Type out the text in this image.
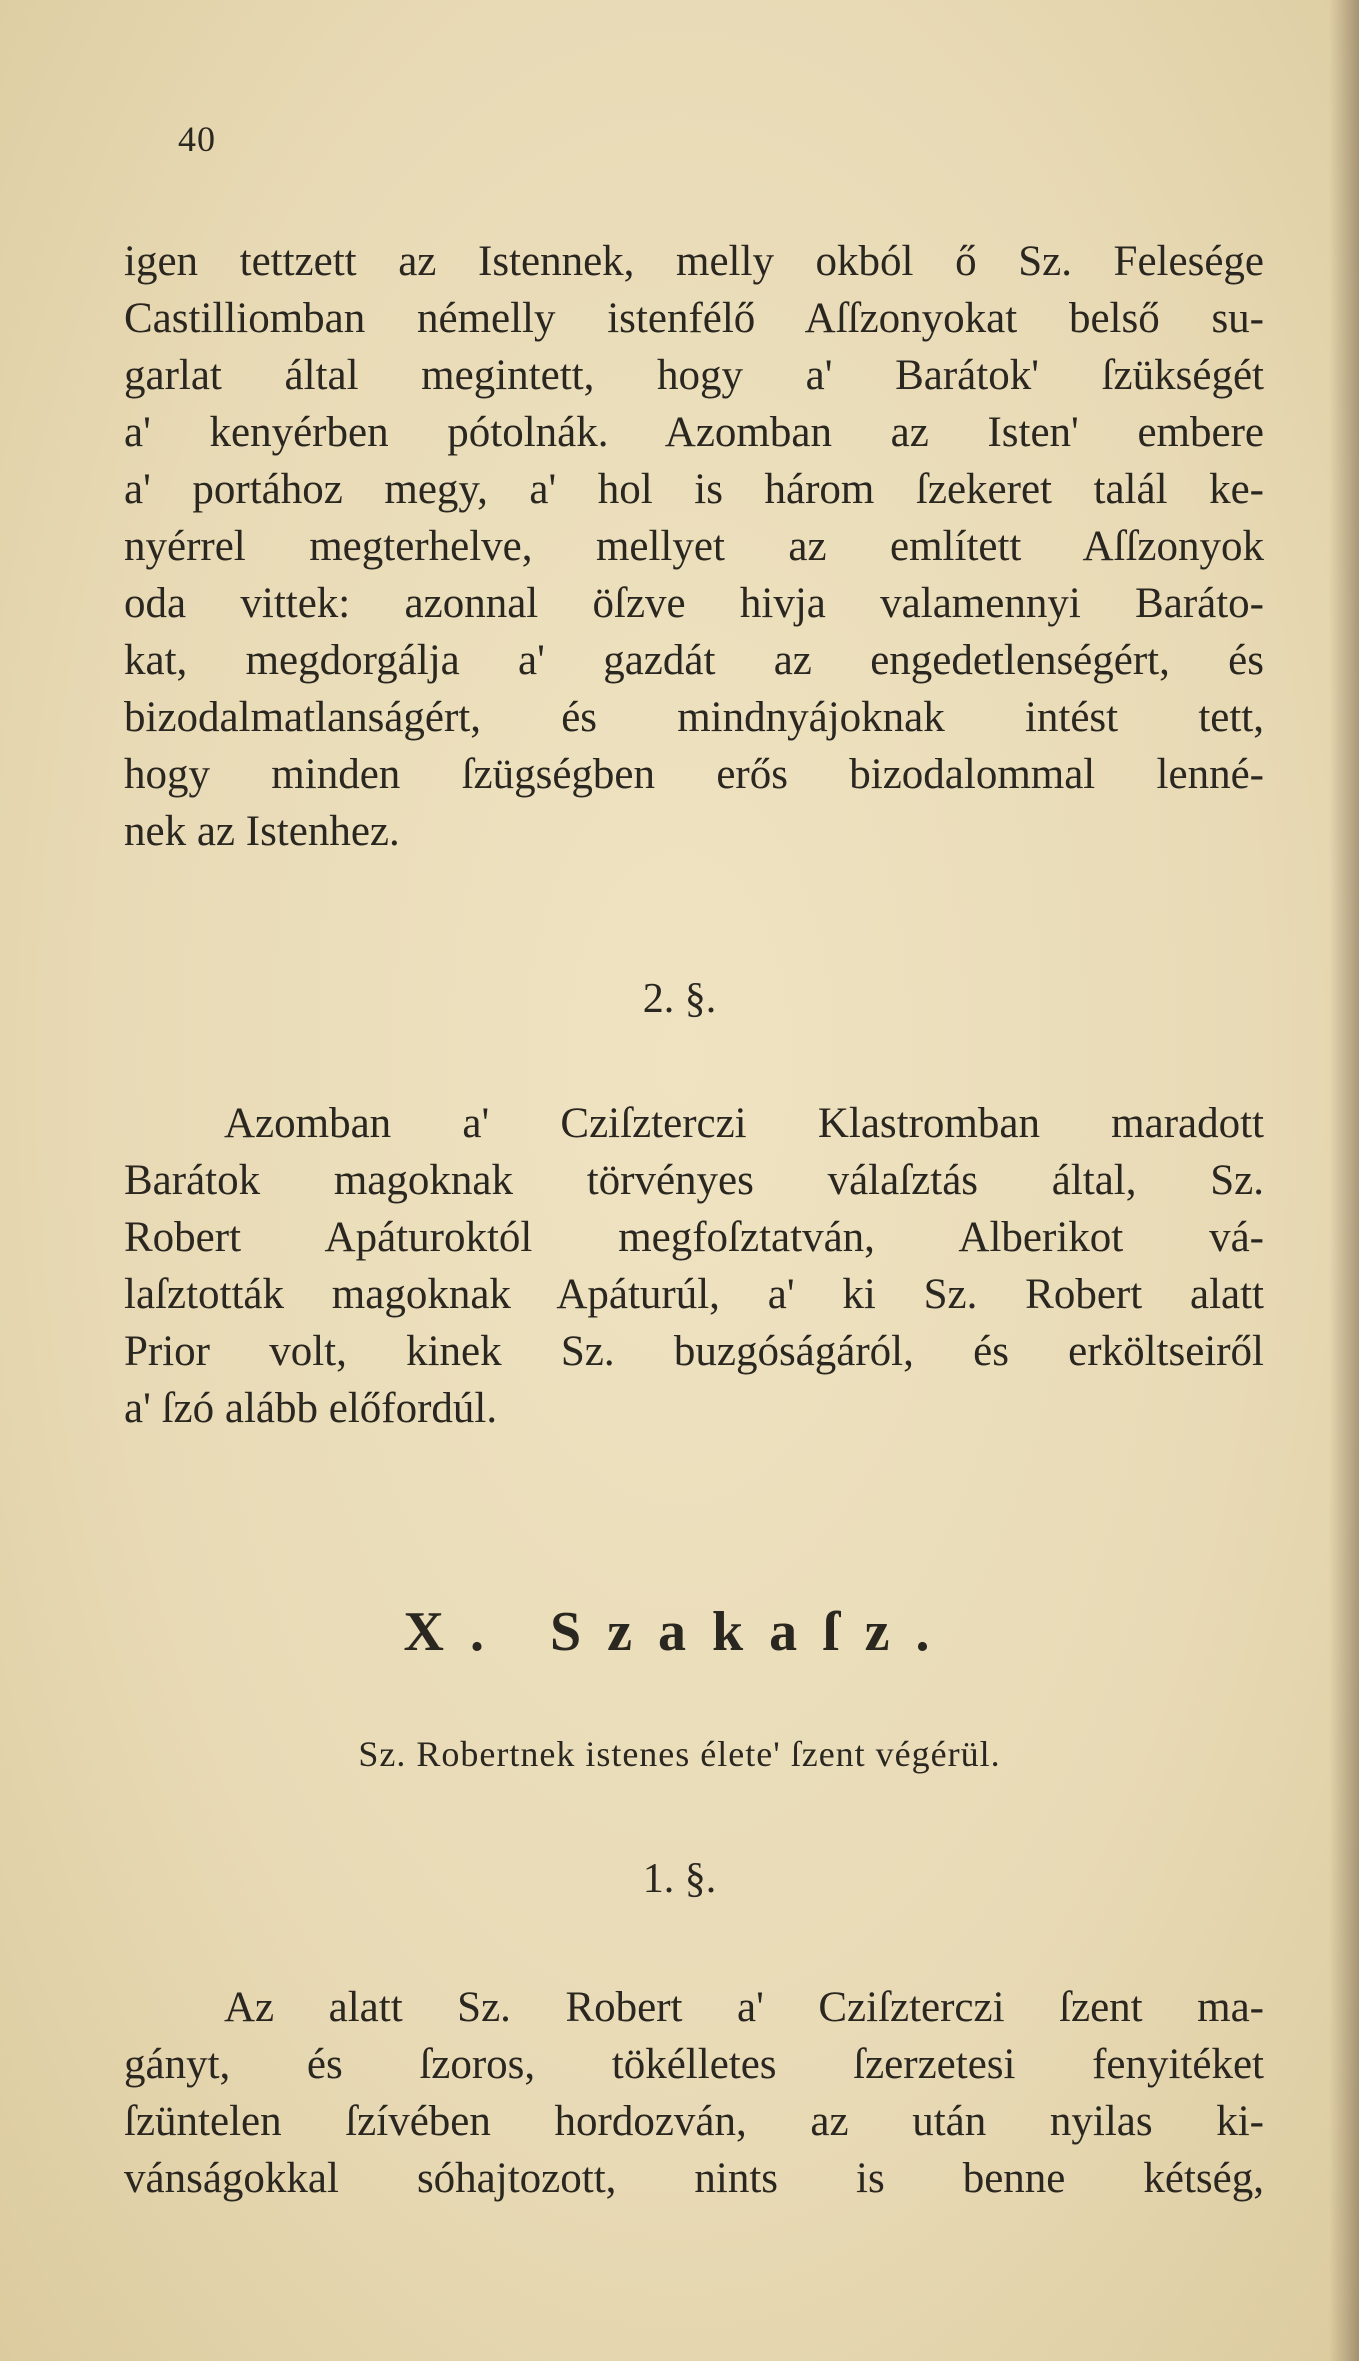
40
igen tettzett az Istennek, melly okból ő Sz. Felesége
Castilliomban némelly istenfélő Aſſzonyokat belső su-
garlat által megintett, hogy a' Barátok' ſzükségét
a' kenyérben pótolnák. Azomban az Isten' embere
a' portához megy, a' hol is három ſzekeret talál ke-
nyérrel megterhelve, mellyet az említett Aſſzonyok
oda vittek: azonnal öſzve hivja valamennyi Baráto-
kat, megdorgálja a' gazdát az engedetlenségért, és
bizodalmatlanságért, és mindnyájoknak intést tett,
hogy minden ſzügségben erős bizodalommal lenné-
nek az Istenhez.
2. §.
Azomban a' Cziſzterczi Klastromban maradott
Barátok magoknak törvényes válaſztás által, Sz.
Robert Apáturoktól megfoſztatván, Alberikot vá-
laſztották magoknak Apáturúl, a' ki Sz. Robert alatt
Prior volt, kinek Sz. buzgóságáról, és erköltseiről
a' ſzó alább előfordúl.
X. Szakaſz.
Sz. Robertnek istenes élete' ſzent végérül.
1. §.
Az alatt Sz. Robert a' Cziſzterczi ſzent ma-
gányt, és ſzoros, tökélletes ſzerzetesi fenyitéket
ſzüntelen ſzívében hordozván, az után nyilas ki-
vánságokkal sóhajtozott, nints is benne kétség,
